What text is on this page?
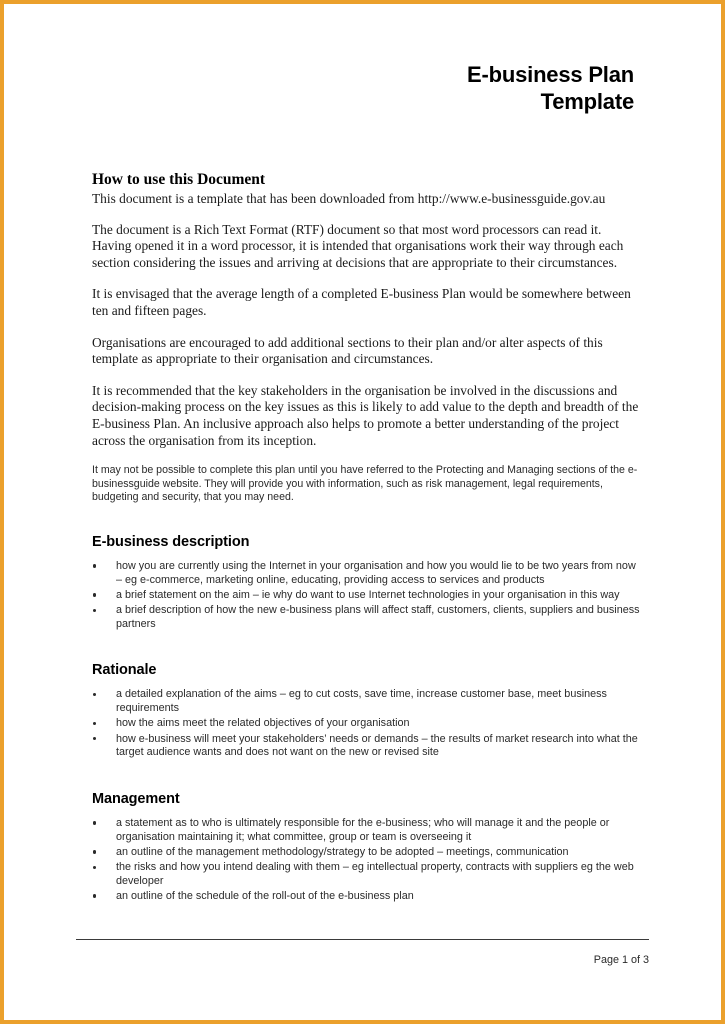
E-business Plan
Template
How to use this Document

This document is a template that has been downloaded from http://www.e-businessguide.gov.au

The document is a Rich Text Format (RTF) document so that most word processors can read it. Having opened it in a word processor, it is intended that organisations work their way through each section considering the issues and arriving at decisions that are appropriate to their circumstances.

It is envisaged that the average length of a completed E-business Plan would be somewhere between ten and fifteen pages.

Organisations are encouraged to add additional sections to their plan and/or alter aspects of this template as appropriate to their organisation and circumstances.

It is recommended that the key stakeholders in the organisation be involved in the discussions and decision-making process on the key issues as this is likely to add value to the depth and breadth of the E-business Plan. An inclusive approach also helps to promote a better understanding of the project across the organisation from its inception.

It may not be possible to complete this plan until you have referred to the Protecting and Managing sections of the e-businessguide website. They will provide you with information, such as risk management, legal requirements, budgeting and security, that you may need.

E-business description
how you are currently using the Internet in your organisation and how you would lie to be two years from now – eg e-commerce, marketing online, educating, providing access to services and products
a brief statement on the aim – ie why do want to use Internet technologies in your organisation in this way
a brief description of how the new e-business plans will affect staff, customers, clients, suppliers and business partners
Rationale
a detailed explanation of the aims – eg to cut costs, save time, increase customer base, meet business requirements
how the aims meet the related objectives of your organisation
how e-business will meet your stakeholders’ needs or demands – the results of market research into what the target audience wants and does not want on the new or revised site
Management
a statement as to who is ultimately responsible for the e-business; who will manage it and the people or organisation maintaining it; what committee, group or team is overseeing it
an outline of the management methodology/strategy to be adopted – meetings, communication
the risks and how you intend dealing with them – eg intellectual property, contracts with suppliers eg the web developer
an outline of the schedule of the roll-out of the e-business plan
Page 1 of 3
